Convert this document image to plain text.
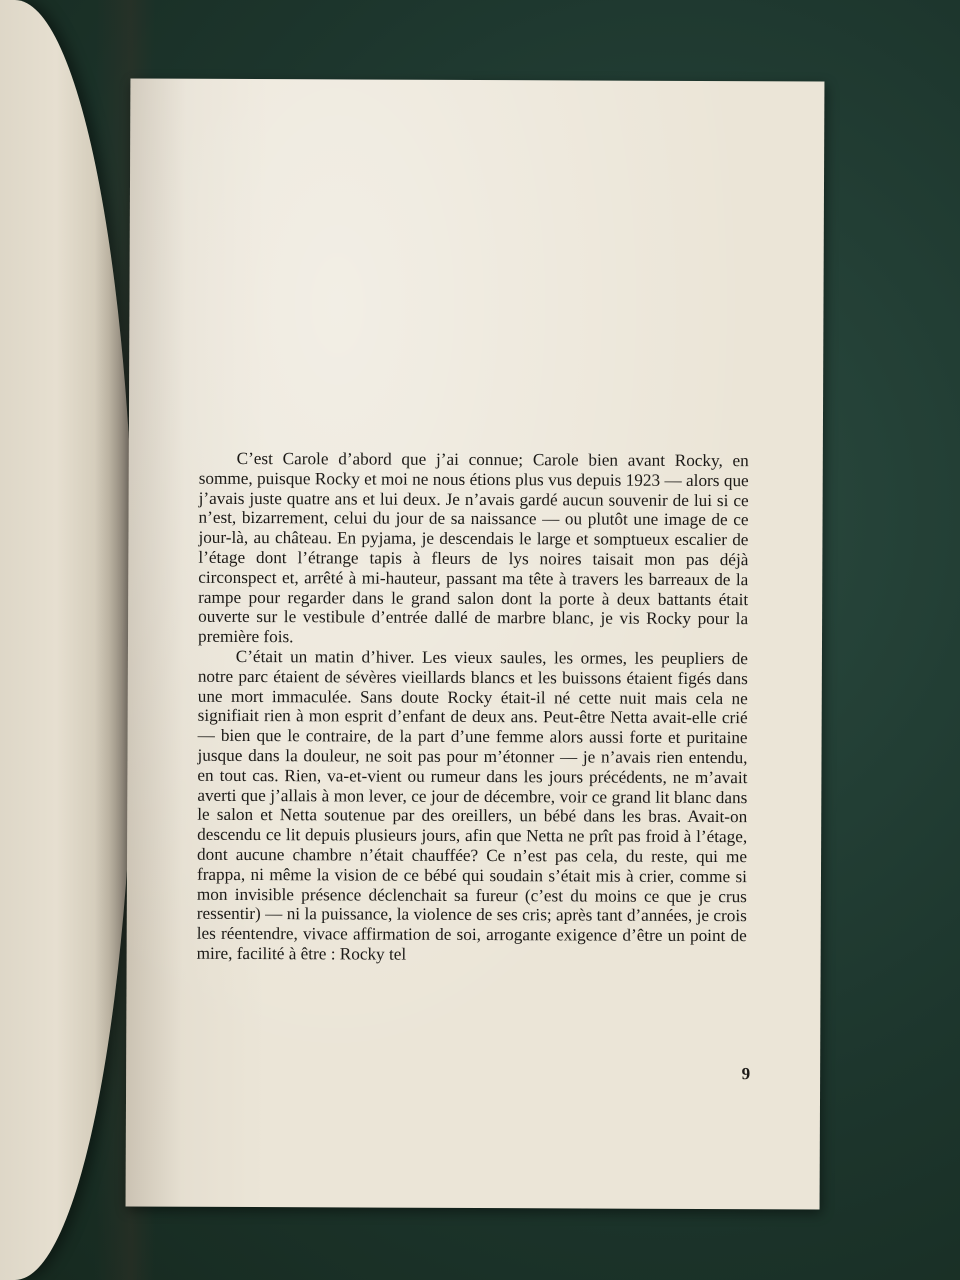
C’est Carole d’abord que j’ai connue; Carole bien avant Rocky, en somme, puisque Rocky et moi ne nous étions plus vus depuis 1923 — alors que j’avais juste quatre ans et lui deux. Je n’avais gardé aucun souvenir de lui si ce n’est, bizarrement, celui du jour de sa naissance — ou plutôt une image de ce jour-là, au château. En pyjama, je descendais le large et somptueux escalier de l’étage dont l’étrange tapis à fleurs de lys noires taisait mon pas déjà circonspect et, arrêté à mi-hauteur, passant ma tête à travers les barreaux de la rampe pour regarder dans le grand salon dont la porte à deux battants était ouverte sur le vestibule d’entrée dallé de marbre blanc, je vis Rocky pour la première fois.

C’était un matin d’hiver. Les vieux saules, les ormes, les peupliers de notre parc étaient de sévères vieillards blancs et les buissons étaient figés dans une mort immaculée. Sans doute Rocky était-il né cette nuit mais cela ne signifiait rien à mon esprit d’enfant de deux ans. Peut-être Netta avait-elle crié — bien que le contraire, de la part d’une femme alors aussi forte et puritaine jusque dans la douleur, ne soit pas pour m’étonner — je n’avais rien entendu, en tout cas. Rien, va-et-vient ou rumeur dans les jours précédents, ne m’avait averti que j’allais à mon lever, ce jour de décembre, voir ce grand lit blanc dans le salon et Netta soutenue par des oreillers, un bébé dans les bras. Avait-on descendu ce lit depuis plusieurs jours, afin que Netta ne prît pas froid à l’étage, dont aucune chambre n’était chauffée? Ce n’est pas cela, du reste, qui me frappa, ni même la vision de ce bébé qui soudain s’était mis à crier, comme si mon invisible présence déclenchait sa fureur (c’est du moins ce que je crus ressentir) — ni la puissance, la violence de ses cris; après tant d’années, je crois les réentendre, vivace affirmation de soi, arrogante exigence d’être un point de mire, facilité à être : Rocky tel

9
